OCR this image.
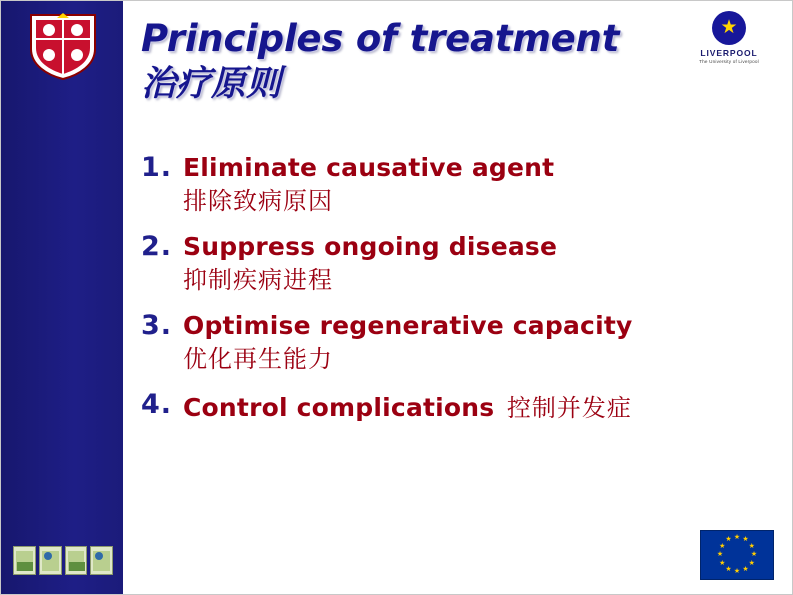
Principles of treatment
治疗原则
★
LIVERPOOL
The University of Liverpool
1. Eliminate causative agent
排除致病原因
2. Suppress ongoing disease
抑制疾病进程
3. Optimise regenerative capacity
优化再生能力
4. Control complications 控制并发症
★ ★
★
★
★
★
★
★
★
★
★
★
